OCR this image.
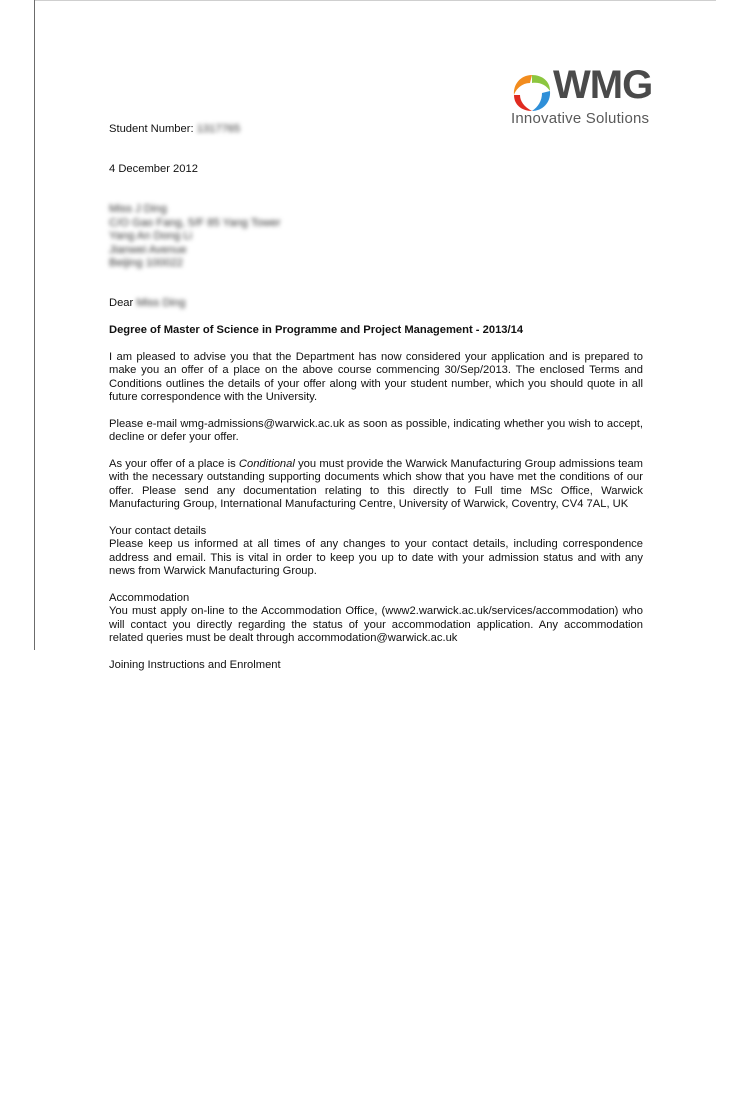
WMG
Innovative Solutions

Student Number: 1317765

4 December 2012

Miss J Ding
C/O Gao Fang, 5/F 85 Yang Tower
Yang An Dong Li
Jianwei Avenue
Beijing 100022

Dear Miss Ding

Degree of Master of Science in Programme and Project Management - 2013/14

I am pleased to advise you that the Department has now considered your application and is prepared to make you an offer of a place on the above course commencing 30/Sep/2013. The enclosed Terms and Conditions outlines the details of your offer along with your student number, which you should quote in all future correspondence with the University.

Please e-mail wmg-admissions@warwick.ac.uk as soon as possible, indicating whether you wish to accept, decline or defer your offer.

As your offer of a place is Conditional you must provide the Warwick Manufacturing Group admissions team with the necessary outstanding supporting documents which show that you have met the conditions of our offer. Please send any documentation relating to this directly to Full time MSc Office, Warwick Manufacturing Group, International Manufacturing Centre, University of Warwick, Coventry, CV4 7AL, UK

Your contact details

Please keep us informed at all times of any changes to your contact details, including correspondence address and email. This is vital in order to keep you up to date with your admission status and with any news from Warwick Manufacturing Group.

Accommodation

You must apply on-line to the Accommodation Office, (www2.warwick.ac.uk/services/accommodation) who will contact you directly regarding the status of your accommodation application. Any accommodation related queries must be dealt through accommodation@warwick.ac.uk

Joining Instructions and Enrolment
